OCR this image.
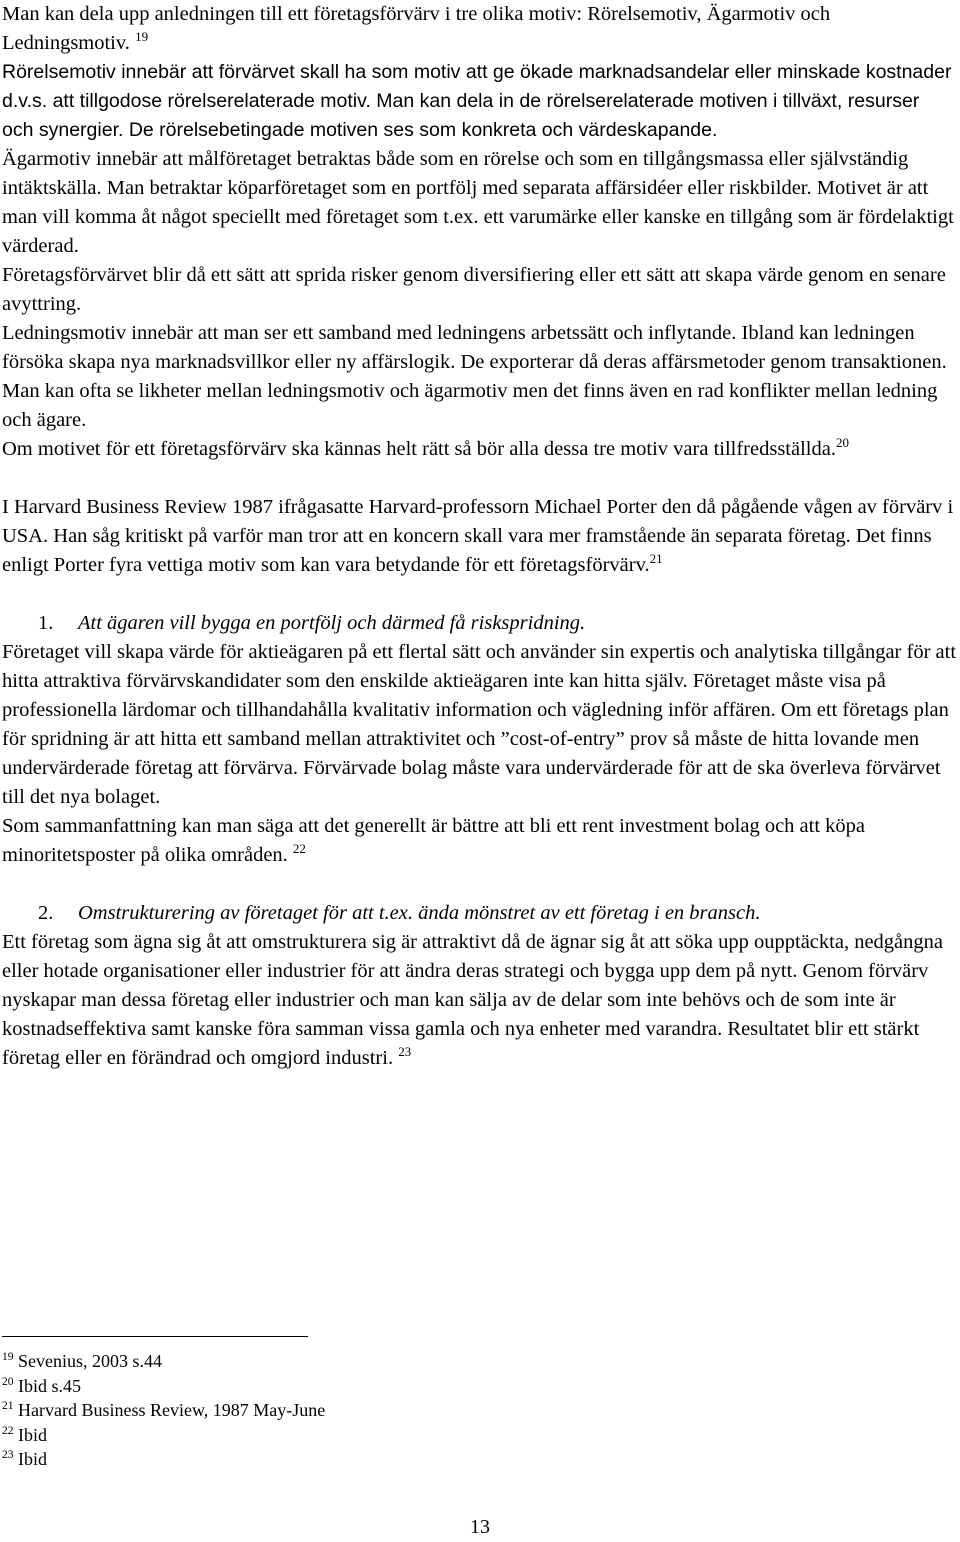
Man kan dela upp anledningen till ett företagsförvärv i tre olika motiv: Rörelsemotiv, Ägarmotiv och Ledningsmotiv. $^{19}$
Rörelsemotiv innebär att förvärvet skall ha som motiv att ge ökade marknadsandelar eller minskade kostnader d.v.s. att tillgodose rörelserelaterade motiv. Man kan dela in de rörelserelaterade motiven i tillväxt, resurser och synergier. De rörelsebetingade motiven ses som konkreta och värdeskapande.

Ägarmotiv innebär att målföretaget betraktas både som en rörelse och som en tillgångsmassa eller självständig intäktskälla. Man betraktar köparföretaget som en portfölj med separata affärsidéer eller riskbilder. Motivet är att man vill komma åt något speciellt med företaget som t.ex. ett varumärke eller kanske en tillgång som är fördelaktigt värderad.

Företagsförvärvet blir då ett sätt att sprida risker genom diversifiering eller ett sätt att skapa värde genom en senare avyttring.

Ledningsmotiv innebär att man ser ett samband med ledningens arbetssätt och inflytande. Ibland kan ledningen försöka skapa nya marknadsvillkor eller ny affärslogik. De exporterar då deras affärsmetoder genom transaktionen.

Man kan ofta se likheter mellan ledningsmotiv och ägarmotiv men det finns även en rad konflikter mellan ledning och ägare.

Om motivet för ett företagsförvärv ska kännas helt rätt så bör alla dessa tre motiv vara tillfredsställda.$^{20}$

I Harvard Business Review 1987 ifrågasatte Harvard-professorn Michael Porter den då pågående vågen av förvärv i USA. Han såg kritiskt på varför man tror att en koncern skall vara mer framstående än separata företag. Det finns enligt Porter fyra vettiga motiv som kan vara betydande för ett företagsförvärv.$^{21}$

1. Att ägaren vill bygga en portfölj och därmed få riskspridning.

Företaget vill skapa värde för aktieägaren på ett flertal sätt och använder sin expertis och analytiska tillgångar för att hitta attraktiva förvärvskandidater som den enskilde aktieägaren inte kan hitta själv. Företaget måste visa på professionella lärdomar och tillhandahålla kvalitativ information och vägledning inför affären. Om ett företags plan för spridning är att hitta ett samband mellan attraktivitet och ”cost-of-entry” prov så måste de hitta lovande men undervärderade företag att förvärva. Förvärvade bolag måste vara undervärderade för att de ska överleva förvärvet till det nya bolaget.

Som sammanfattning kan man säga att det generellt är bättre att bli ett rent investment bolag och att köpa minoritetsposter på olika områden. $^{22}$

2. Omstrukturering av företaget för att t.ex. ända mönstret av ett företag i en bransch.

Ett företag som ägna sig åt att omstrukturera sig är attraktivt då de ägnar sig åt att söka upp oupptäckta, nedgångna eller hotade organisationer eller industrier för att ändra deras strategi och bygga upp dem på nytt. Genom förvärv nyskapar man dessa företag eller industrier och man kan sälja av de delar som inte behövs och de som inte är kostnadseffektiva samt kanske föra samman vissa gamla och nya enheter med varandra. Resultatet blir ett stärkt företag eller en förändrad och omgjord industri. $^{23}$

$^{19}$ Sevenius, 2003 s.44
$^{20}$ Ibid s.45
$^{21}$ Harvard Business Review, 1987 May-June
$^{22}$ Ibid
$^{23}$ Ibid
13
